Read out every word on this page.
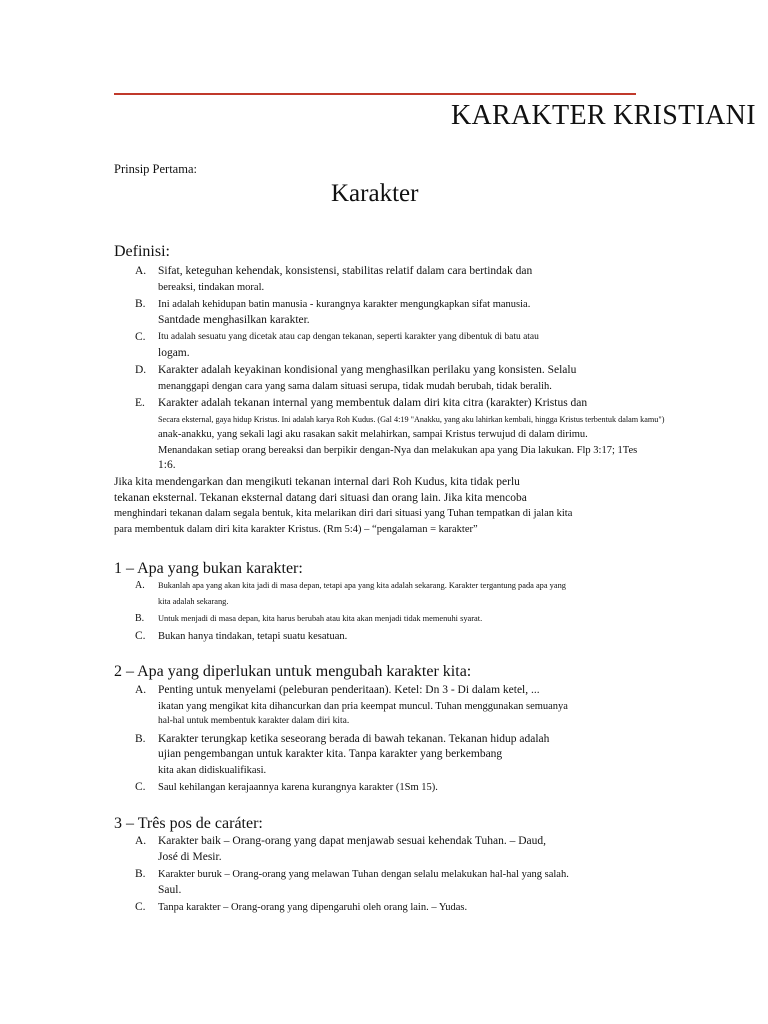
KARAKTER KRISTIANI
Prinsip Pertama:
Karakter
Definisi:
A. Sifat, keteguhan kehendak, konsistensi, stabilitas relatif dalam cara bertindak dan
bereaksi, tindakan moral.
B. Ini adalah kehidupan batin manusia - kurangnya karakter mengungkapkan sifat manusia.
Santdade menghasilkan karakter.
C. Itu adalah sesuatu yang dicetak atau cap dengan tekanan, seperti karakter yang dibentuk di batu atau
logam.
D. Karakter adalah keyakinan kondisional yang menghasilkan perilaku yang konsisten. Selalu
menanggapi dengan cara yang sama dalam situasi serupa, tidak mudah berubah, tidak beralih.
E. Karakter adalah tekanan internal yang membentuk dalam diri kita citra (karakter) Kristus dan
Secara eksternal, gaya hidup Kristus. Ini adalah karya Roh Kudus. (Gal 4:19 "Anakku, yang aku lahirkan kembali, hingga Kristus terbentuk dalam kamu")
anak-anakku, yang sekali lagi aku rasakan sakit melahirkan, sampai Kristus terwujud di dalam dirimu.
Menandakan setiap orang bereaksi dan berpikir dengan-Nya dan melakukan apa yang Dia lakukan. Flp 3:17; 1Tes
1:6.
Jika kita mendengarkan dan mengikuti tekanan internal dari Roh Kudus, kita tidak perlu
tekanan eksternal. Tekanan eksternal datang dari situasi dan orang lain. Jika kita mencoba
menghindari tekanan dalam segala bentuk, kita melarikan diri dari situasi yang Tuhan tempatkan di jalan kita
para membentuk dalam diri kita karakter Kristus. (Rm 5:4) – “pengalaman = karakter”
1 – Apa yang bukan karakter:
A. Bukanlah apa yang akan kita jadi di masa depan, tetapi apa yang kita adalah sekarang. Karakter tergantung pada apa yang
kita adalah sekarang.
B. Untuk menjadi di masa depan, kita harus berubah atau kita akan menjadi tidak memenuhi syarat.
C. Bukan hanya tindakan, tetapi suatu kesatuan.
2 – Apa yang diperlukan untuk mengubah karakter kita:
A. Penting untuk menyelami (peleburan penderitaan). Ketel: Dn 3 - Di dalam ketel, ...
ikatan yang mengikat kita dihancurkan dan pria keempat muncul. Tuhan menggunakan semuanya
hal-hal untuk membentuk karakter dalam diri kita.
B. Karakter terungkap ketika seseorang berada di bawah tekanan. Tekanan hidup adalah
ujian pengembangan untuk karakter kita. Tanpa karakter yang berkembang
kita akan didiskualifikasi.
C. Saul kehilangan kerajaannya karena kurangnya karakter (1Sm 15).
3 – Três pos de caráter:
A. Karakter baik – Orang-orang yang dapat menjawab sesuai kehendak Tuhan. – Daud,
José di Mesir.
B. Karakter buruk – Orang-orang yang melawan Tuhan dengan selalu melakukan hal-hal yang salah.
Saul.
C. Tanpa karakter – Orang-orang yang dipengaruhi oleh orang lain. – Yudas.
